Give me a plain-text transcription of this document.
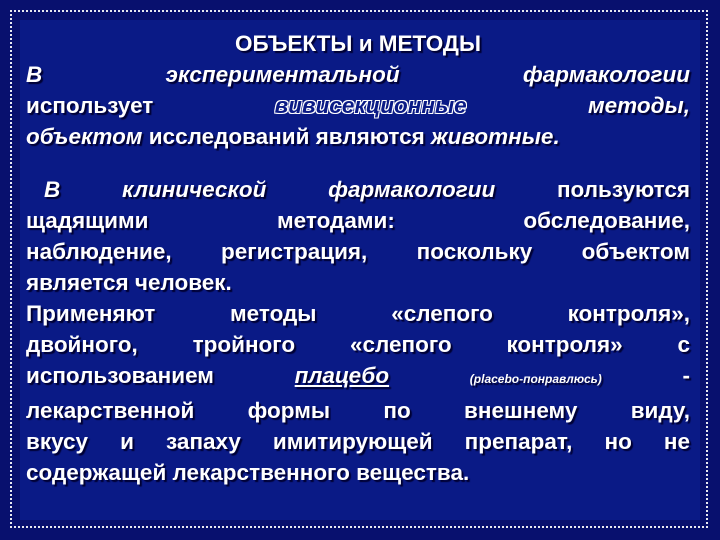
ОБЪЕКТЫ и МЕТОДЫ
В	экспериментальной	фармакологии
использует	вивисекционные	методы,
объектом исследований являются животные.
В клинической фармакологии пользуются
щадящими методами: обследование,
наблюдение, регистрация, поскольку объектом
является человек.
Применяют методы «слепого контроля»,
двойного, тройного «слепого контроля» с
использованием	плацебо	(placebo-понравлюсь)	-
лекарственной формы по внешнему виду,
вкусу и запаху имитирующей препарат, но не
содержащей лекарственного вещества.
